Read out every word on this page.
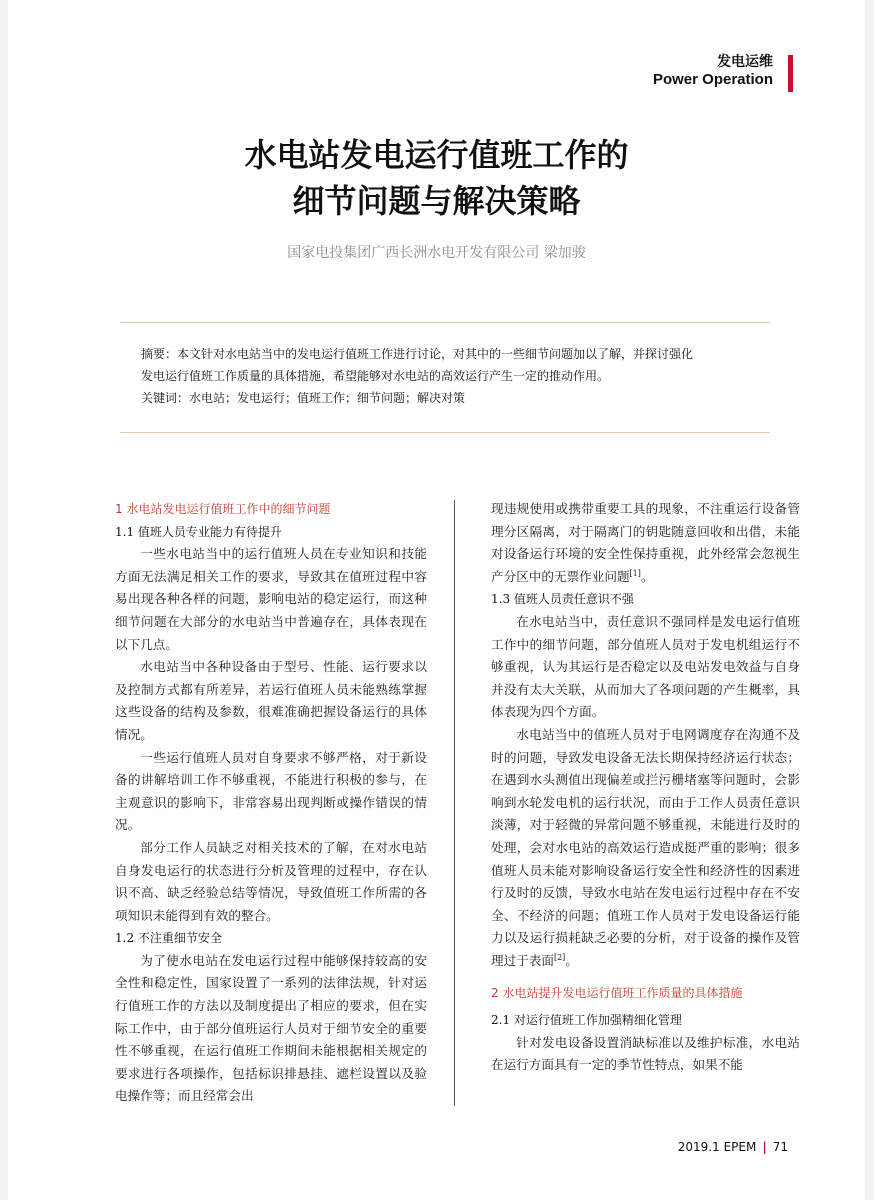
发电运维
Power Operation
水电站发电运行值班工作的
细节问题与解决策略
国家电投集团广西长洲水电开发有限公司 梁加骏

摘要：本文针对水电站当中的发电运行值班工作进行讨论，对其中的一些细节问题加以了解，并探讨强化

发电运行值班工作质量的具体措施，希望能够对水电站的高效运行产生一定的推动作用。

关键词：水电站；发电运行；值班工作；细节问题；解决对策

1 水电站发电运行值班工作中的细节问题

1.1 值班人员专业能力有待提升

一些水电站当中的运行值班人员在专业知识和技能方面无法满足相关工作的要求，导致其在值班过程中容易出现各种各样的问题，影响电站的稳定运行，而这种细节问题在大部分的水电站当中普遍存在，具体表现在以下几点。

水电站当中各种设备由于型号、性能、运行要求以及控制方式都有所差异，若运行值班人员未能熟练掌握这些设备的结构及参数，很难准确把握设备运行的具体情况。

一些运行值班人员对自身要求不够严格，对于新设备的讲解培训工作不够重视，不能进行积极的参与，在主观意识的影响下，非常容易出现判断或操作错误的情况。

部分工作人员缺乏对相关技术的了解，在对水电站自身发电运行的状态进行分析及管理的过程中，存在认识不高、缺乏经验总结等情况，导致值班工作所需的各项知识未能得到有效的整合。

1.2 不注重细节安全

为了使水电站在发电运行过程中能够保持较高的安全性和稳定性，国家设置了一系列的法律法规，针对运行值班工作的方法以及制度提出了相应的要求，但在实际工作中，由于部分值班运行人员对于细节安全的重要性不够重视，在运行值班工作期间未能根据相关规定的要求进行各项操作，包括标识排悬挂、遮栏设置以及验电操作等；而且经常会出

现违规使用或携带重要工具的现象，不注重运行设备管理分区隔离，对于隔离门的钥匙随意回收和出借，未能对设备运行环境的安全性保持重视，此外经常会忽视生产分区中的无票作业问题[1]。

1.3 值班人员责任意识不强

在水电站当中，责任意识不强同样是发电运行值班工作中的细节问题，部分值班人员对于发电机组运行不够重视，认为其运行是否稳定以及电站发电效益与自身并没有太大关联，从而加大了各项问题的产生概率，具体表现为四个方面。

水电站当中的值班人员对于电网调度存在沟通不及时的问题，导致发电设备无法长期保持经济运行状态；在遇到水头测值出现偏差或拦污栅堵塞等问题时，会影响到水轮发电机的运行状况，而由于工作人员责任意识淡薄，对于轻微的异常问题不够重视，未能进行及时的处理，会对水电站的高效运行造成挺严重的影响；很多值班人员未能对影响设备运行安全性和经济性的因素进行及时的反馈，导致水电站在发电运行过程中存在不安全、不经济的问题；值班工作人员对于发电设备运行能力以及运行损耗缺乏必要的分析，对于设备的操作及管理过于表面[2]。

2 水电站提升发电运行值班工作质量的具体措施

2.1 对运行值班工作加强精细化管理

针对发电设备设置消缺标准以及维护标准，水电站在运行方面具有一定的季节性特点，如果不能

2019.1 EPEM | 71
